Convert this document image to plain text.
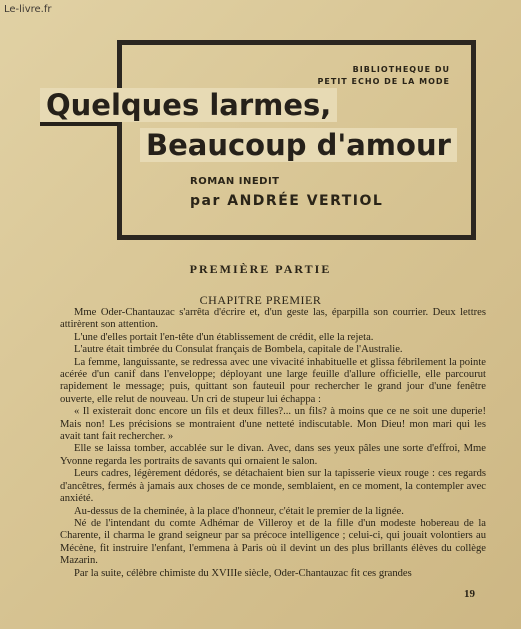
Le-livre.fr
BIBLIOTHEQUE DU
PETIT ECHO DE LA MODE
Quelques larmes,
Beaucoup d'amour
ROMAN INEDIT
par ANDRÉE VERTIOL
PREMIÈRE PARTIE
CHAPITRE PREMIER

Mme Oder-Chantauzac s'arrêta d'écrire et, d'un geste las, éparpilla son courrier. Deux lettres attirèrent son attention.

L'une d'elles portait l'en-tête d'un établissement de crédit, elle la rejeta.

L'autre était timbrée du Consulat français de Bombela, capitale de l'Australie.

La femme, languissante, se redressa avec une vivacité inhabituelle et glissa fébrilement la pointe acérée d'un canif dans l'enveloppe; déployant une large feuille d'allure officielle, elle parcourut rapidement le message; puis, quittant son fauteuil pour rechercher le grand jour d'une fenêtre ouverte, elle relut de nouveau. Un cri de stupeur lui échappa :

« Il existerait donc encore un fils et deux filles?... un fils? à moins que ce ne soit une duperie! Mais non! Les précisions se montraient d'une netteté indiscutable. Mon Dieu! mon mari qui les avait tant fait rechercher. »

Elle se laissa tomber, accablée sur le divan. Avec, dans ses yeux pâles une sorte d'effroi, Mme Yvonne regarda les portraits de savants qui ornaient le salon.

Leurs cadres, légèrement dédorés, se détachaient bien sur la tapisserie vieux rouge : ces regards d'ancêtres, fermés à jamais aux choses de ce monde, semblaient, en ce moment, la contempler avec anxiété.

Au-dessus de la cheminée, à la place d'honneur, c'était le premier de la lignée.

Né de l'intendant du comte Adhémar de Villeroy et de la fille d'un modeste hobereau de la Charente, il charma le grand seigneur par sa précoce intelligence ; celui-ci, qui jouait volontiers au Mécène, fit instruire l'enfant, l'emmena à Paris où il devint un des plus brillants élèves du collège Mazarin.

Par la suite, célèbre chimiste du XVIIIe siècle, Oder-Chantauzac fit ces grandes

19
